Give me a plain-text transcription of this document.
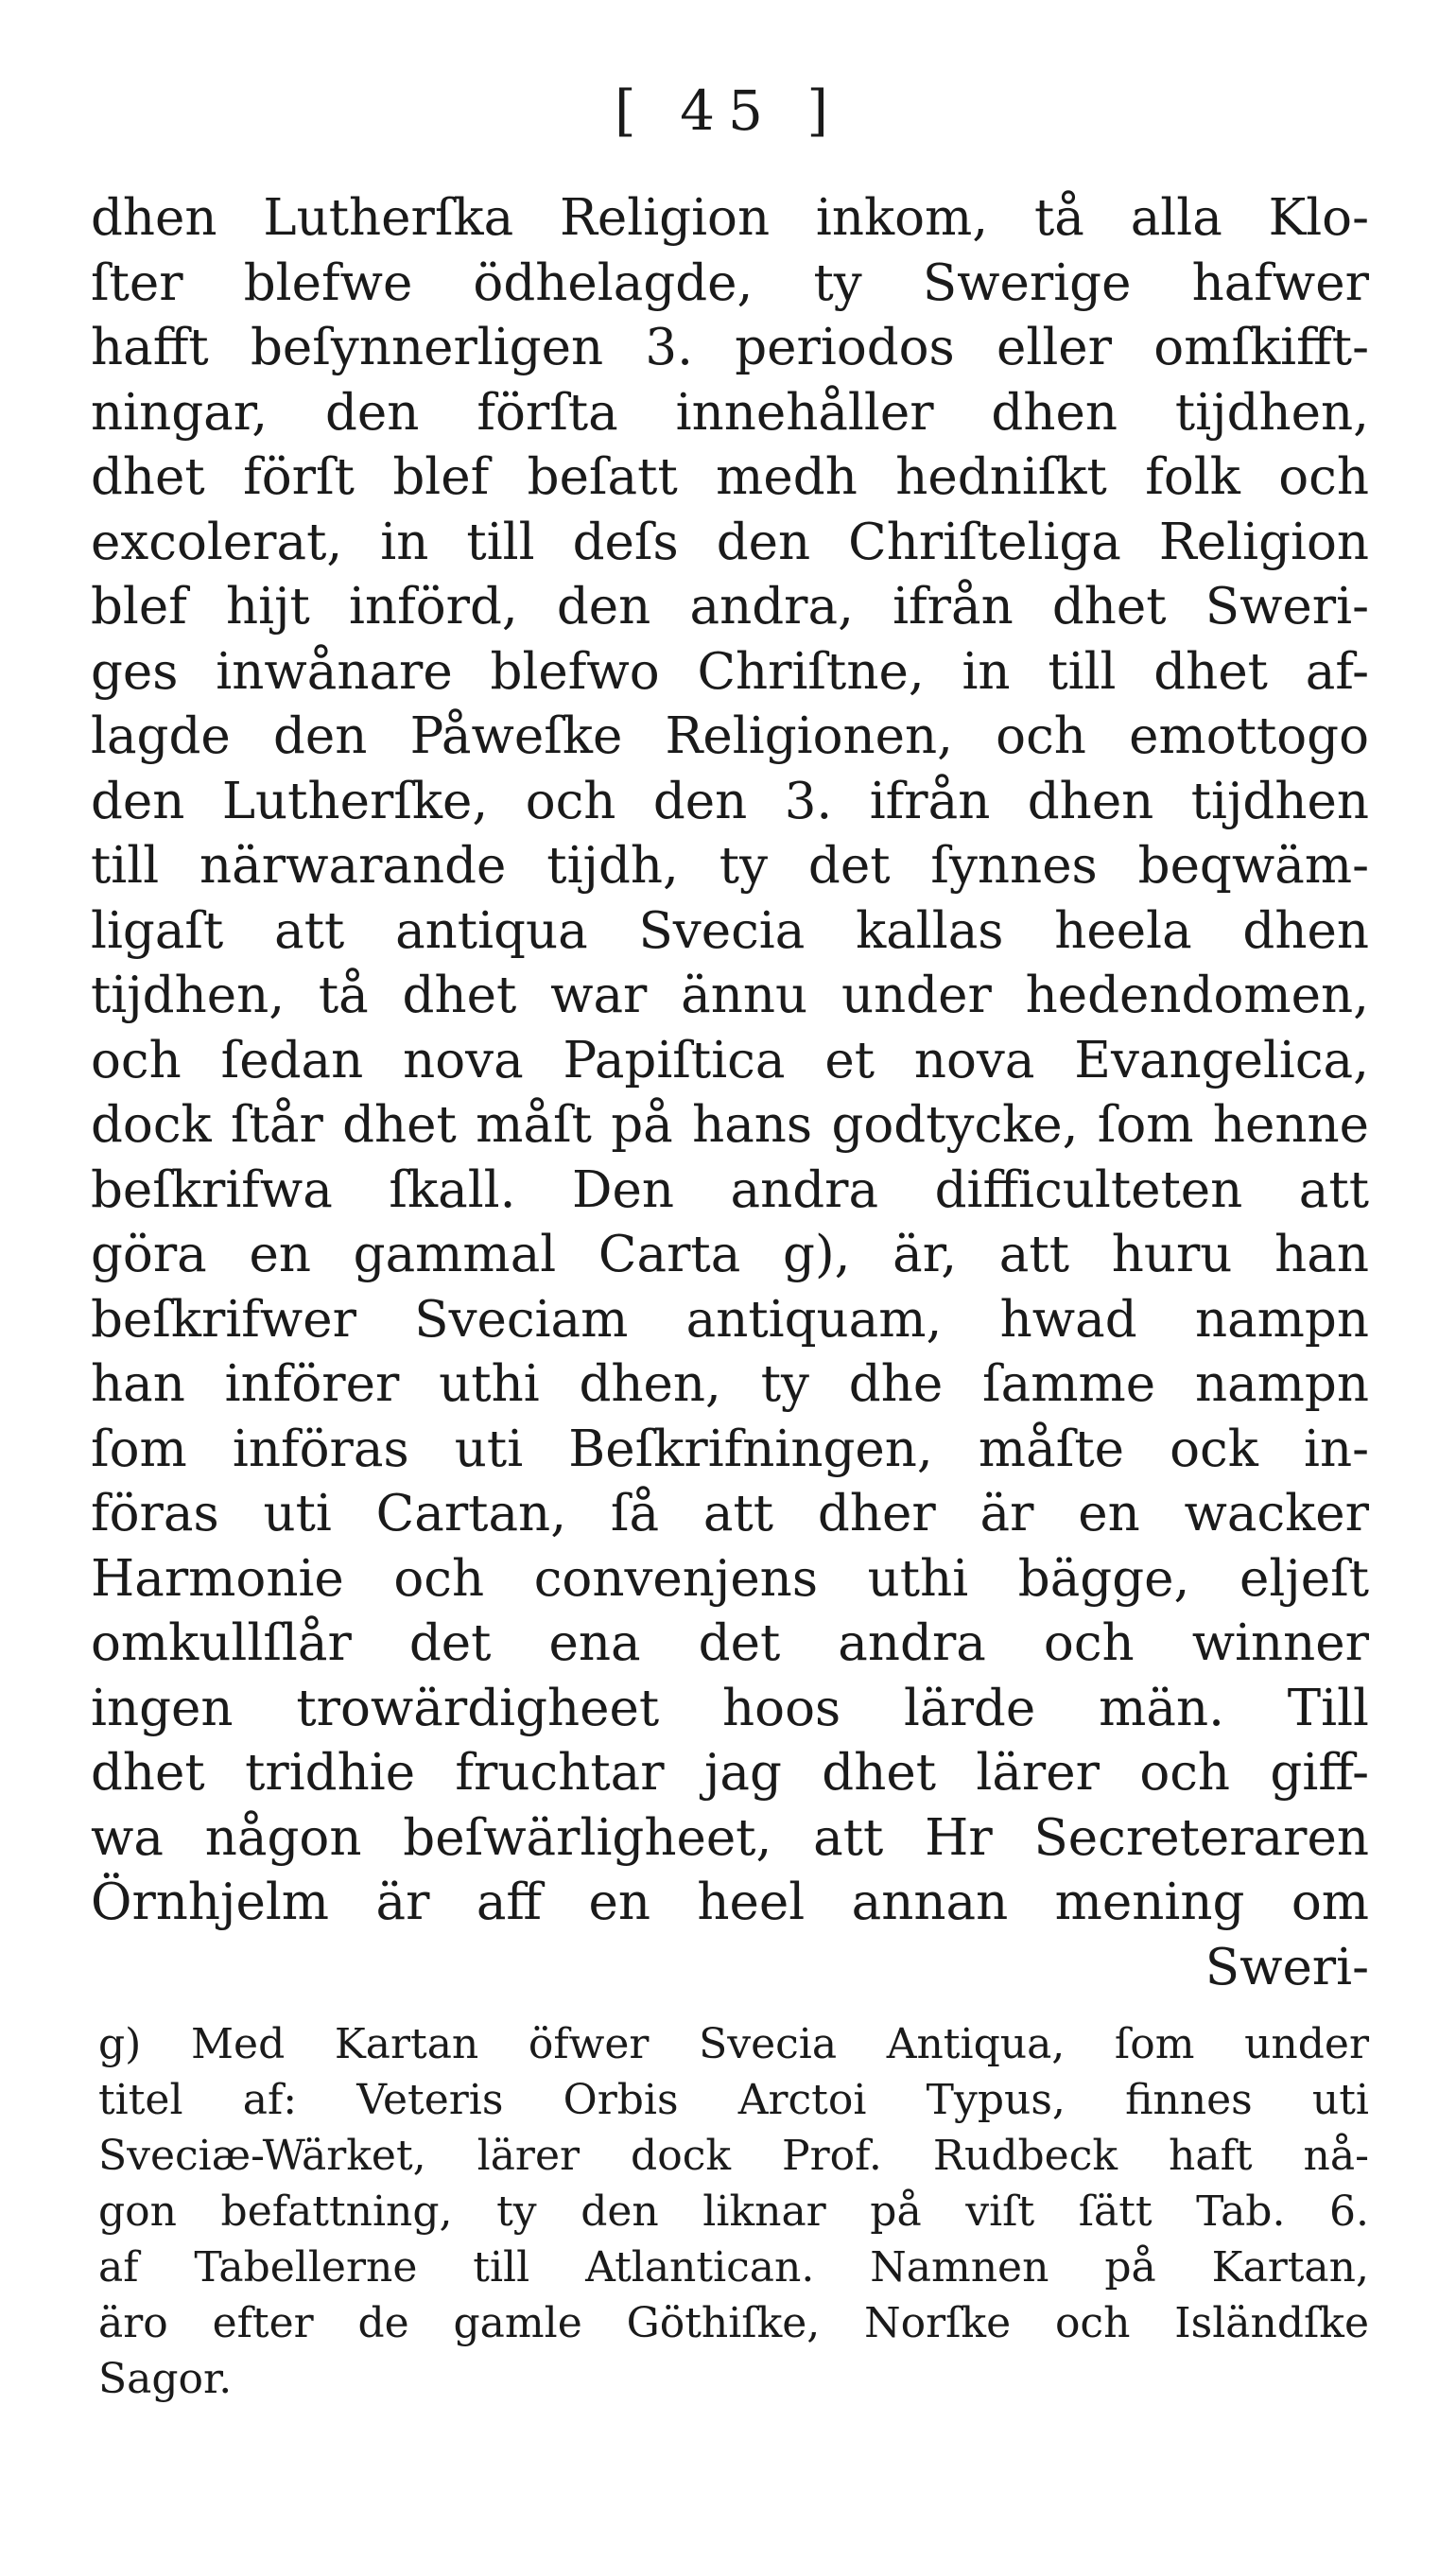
[ 45 ]
dhen Lutherſka Religion inkom, tå alla Klo-
ſter blefwe ödhelagde, ty Swerige hafwer
hafft beſynnerligen 3. periodos eller omſkifft-
ningar, den förſta innehåller dhen tijdhen,
dhet förſt blef beſatt medh hedniſkt folk och
excolerat, in till deſs den Chriſteliga Religion
blef hijt införd, den andra, ifrån dhet Sweri-
ges inwånare blefwo Chriſtne, in till dhet af-
lagde den Påweſke Religionen, och emottogo
den Lutherſke, och den 3. ifrån dhen tijdhen
till närwarande tijdh, ty det ſynnes beqwäm-
ligaſt att antiqua Svecia kallas heela dhen
tijdhen, tå dhet war ännu under hedendomen,
och ſedan nova Papiſtica et nova Evangelica,
dock ſtår dhet måſt på hans godtycke, ſom henne
beſkrifwa ſkall. Den andra difficulteten att
göra en gammal Carta g), är, att huru han
beſkrifwer Sveciam antiquam, hwad nampn
han införer uthi dhen, ty dhe ſamme nampn
ſom införas uti Beſkrifningen, måſte ock in-
föras uti Cartan, ſå att dher är en wacker
Harmonie och convenjens uthi bägge, eljeſt
omkullſlår det ena det andra och winner
ingen trowärdigheet hoos lärde män. Till
dhet tridhie fruchtar jag dhet lärer och giff-
wa någon beſwärligheet, att Hr Secreteraren
Örnhjelm är aff en heel annan mening om
Sweri-
g) Med Kartan öfwer Svecia Antiqua, ſom under
titel af: Veteris Orbis Arctoi Typus, finnes uti
Sveciæ-Wärket, lärer dock Prof. Rudbeck haft nå-
gon befattning, ty den liknar på viſt ſätt Tab. 6.
af Tabellerne till Atlantican. Namnen på Kartan,
äro efter de gamle Göthiſke, Norſke och Isländſke
Sagor.
